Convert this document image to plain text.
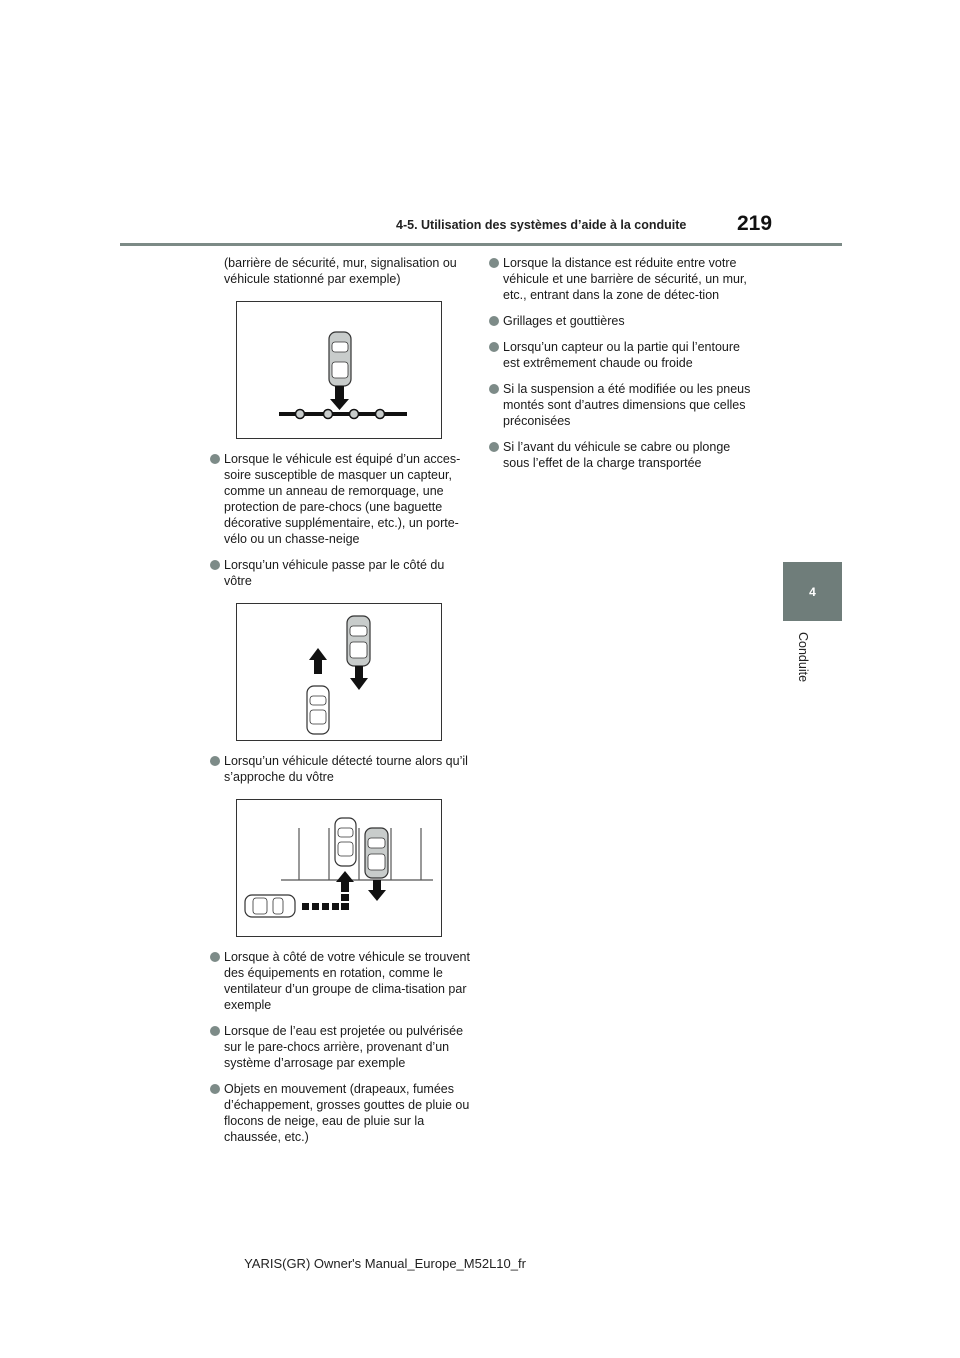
4-5. Utilisation des systèmes d’aide à la conduite 219
4
Conduite

(barrière de sécurité, mur, signalisation ou véhicule stationné par exemple)

Lorsque le véhicule est équipé d’un acces-soire susceptible de masquer un capteur, comme un anneau de remorquage, une protection de pare-chocs (une baguette décorative supplémentaire, etc.), un porte-vélo ou un chasse-neige
Lorsqu’un véhicule passe par le côté du vôtre
Lorsqu’un véhicule détecté tourne alors qu’il s’approche du vôtre
Lorsque à côté de votre véhicule se trouvent des équipements en rotation, comme le ventilateur d’un groupe de clima-tisation par exemple
Lorsque de l’eau est projetée ou pulvérisée sur le pare-chocs arrière, provenant d’un système d’arrosage par exemple
Objets en mouvement (drapeaux, fumées d’échappement, grosses gouttes de pluie ou flocons de neige, eau de pluie sur la chaussée, etc.)
Lorsque la distance est réduite entre votre véhicule et une barrière de sécurité, un mur, etc., entrant dans la zone de détec-tion
Grillages et gouttières
Lorsqu’un capteur ou la partie qui l’entoure est extrêmement chaude ou froide
Si la suspension a été modifiée ou les pneus montés sont d’autres dimensions que celles préconisées
Si l’avant du véhicule se cabre ou plonge sous l’effet de la charge transportée
YARIS(GR) Owner's Manual_Europe_M52L10_fr
